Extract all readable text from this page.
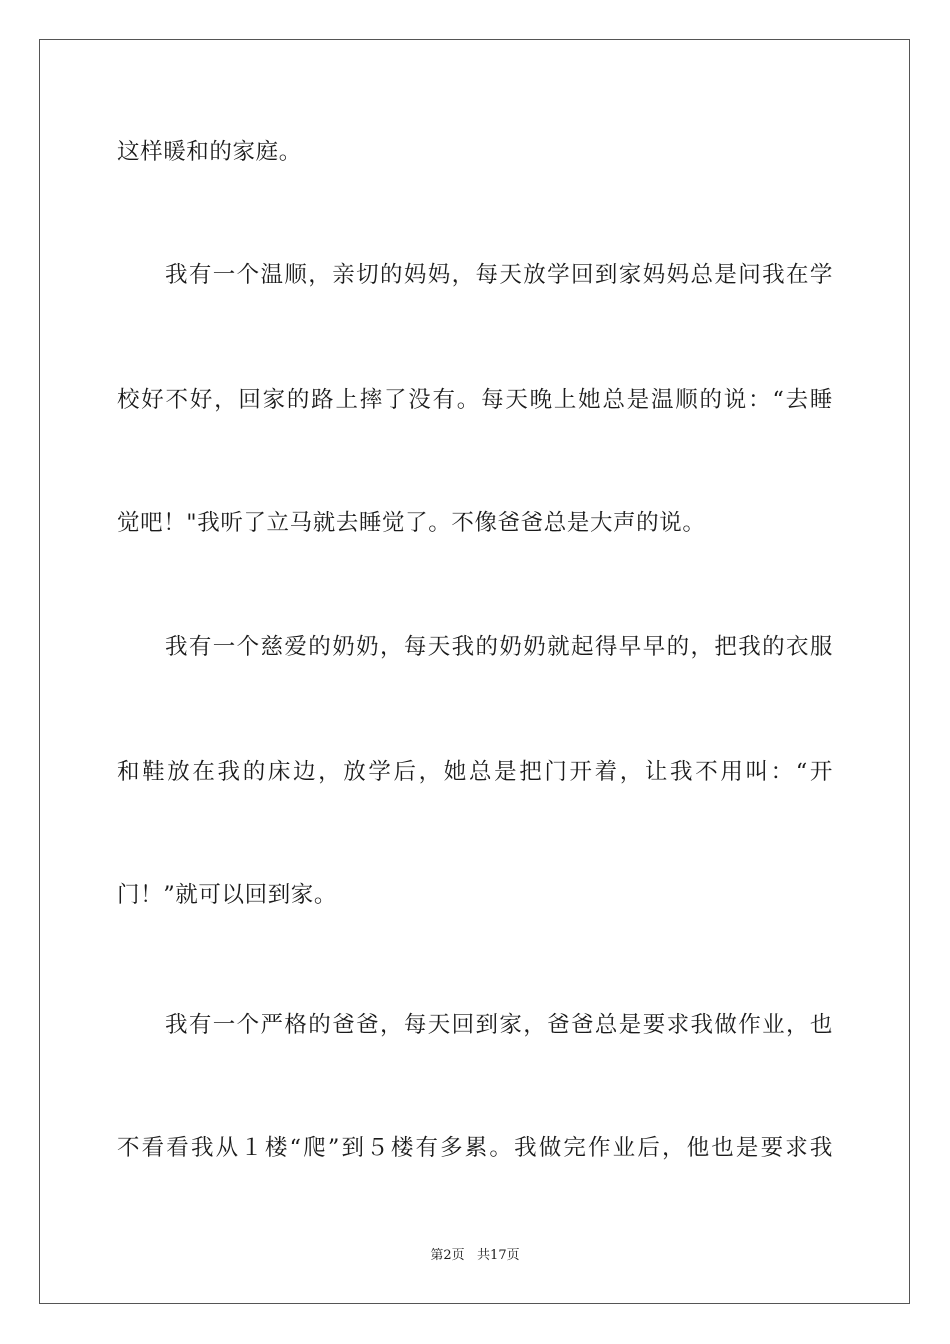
这样暖和的家庭。
我有一个温顺，亲切的妈妈，每天放学回到家妈妈总是问我在学
校好不好，回家的路上摔了没有。每天晚上她总是温顺的说：“去睡
觉吧！"我听了立马就去睡觉了。不像爸爸总是大声的说。
我有一个慈爱的奶奶，每天我的奶奶就起得早早的，把我的衣服
和鞋放在我的床边，放学后，她总是把门开着，让我不用叫：“开
门！”就可以回到家。
我有一个严格的爸爸，每天回到家，爸爸总是要求我做作业，也
不看看我从１楼“爬”到５楼有多累。我做完作业后，他也是要求我
第2页   共17页
